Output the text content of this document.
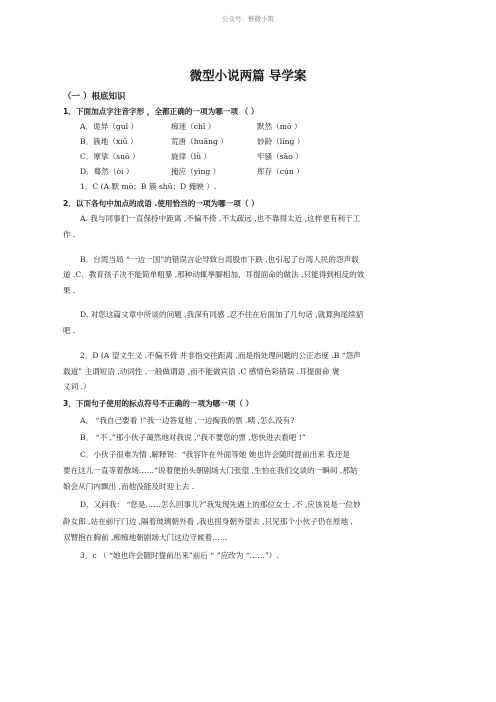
公众号：惟微小筑
微型小说两篇 导学案
（一 ）根底知识
1．下面加点字注音字形 ，全都正确的一项为哪一项 （ ）
A．诡异（guǐ ）	痴迷（chī ）	默然（mò ）
B．簇地（xiū ）	荒唐（huāng ）	妙龄（líng ）
C．摩挲（suō ）	旋律（lǜ ）	牢骚（sāo ）
D．蓦然（òi ）	掩应（yìng ）	库存（cún ）
1．C (A 默 mò；B 簇 shū；D 掩映 ）.
2．以下各句中加点的成语 .使用恰当的一项为哪一项（ ）
A. 我与同事们一直保持中距离 ,不偏不倚 ,不太疏远 ,也不靠得太近 ,这样更有利于工
作 .
B．台湾当局 “一边一国”的错误言论导致台湾股市下跌 ,也引起了台湾人民的怨声载
道 .C．教育孩子决不能简单粗暴 ,那种动辄挙脚相加、耳提面命的做法 ,只能得到相反的效
果 .
D. 对您这篇文章中所谈的问题 ,我深有同感 ,忍不住在后面加了几句话 ,就算狗尾续貂
吧 .
2．D (A 望文生义 .不偏不倚 并非指交往距离 ,而是指处理问题的公正态度 .B “怨声
载道” 主谓短语 ,动词性 ,一般做谓语 ,而不能做宾语 .C 感情色彩错误 .耳提面命 褒
义词 .）
3．下面句子使用的标点符号不正确的一项为哪一项（ ）
A． “我自己要看 !”我一边答复他 ,一边掏我的票 .咦 ,怎么没有?
B． “不 ,”那小伙子蔼然地对我说 ,“我不要您的票 ,您快进去看吧 !”
C．小伙子很难为情 ,解释说：“我容许在外面等她 她也许会随时提前出来 我还是
要在这儿一直等着散场……”说着便抬头朝剧场大门张望 ,生怕在我们交谈的一瞬间 ,那姑
娘会从门内飘出 ,而他没能及时迎上去 .
D．又问我： “您是……怎么回事儿?”我发现先遇上的那位女士 ,不 ,应该说是一位妙
龄女郎 ,站在前厅门边 ,隔着玻璃朝外看 ,我也扭身朝外望去 ,只见那个小伙子仍在原地 ,
双臂抱在胸前 ,痴痴地朝剧场大门这边守候着……
3．c （ “她也许会随时提前出来”前后 “ ”应改为 “……”）.
